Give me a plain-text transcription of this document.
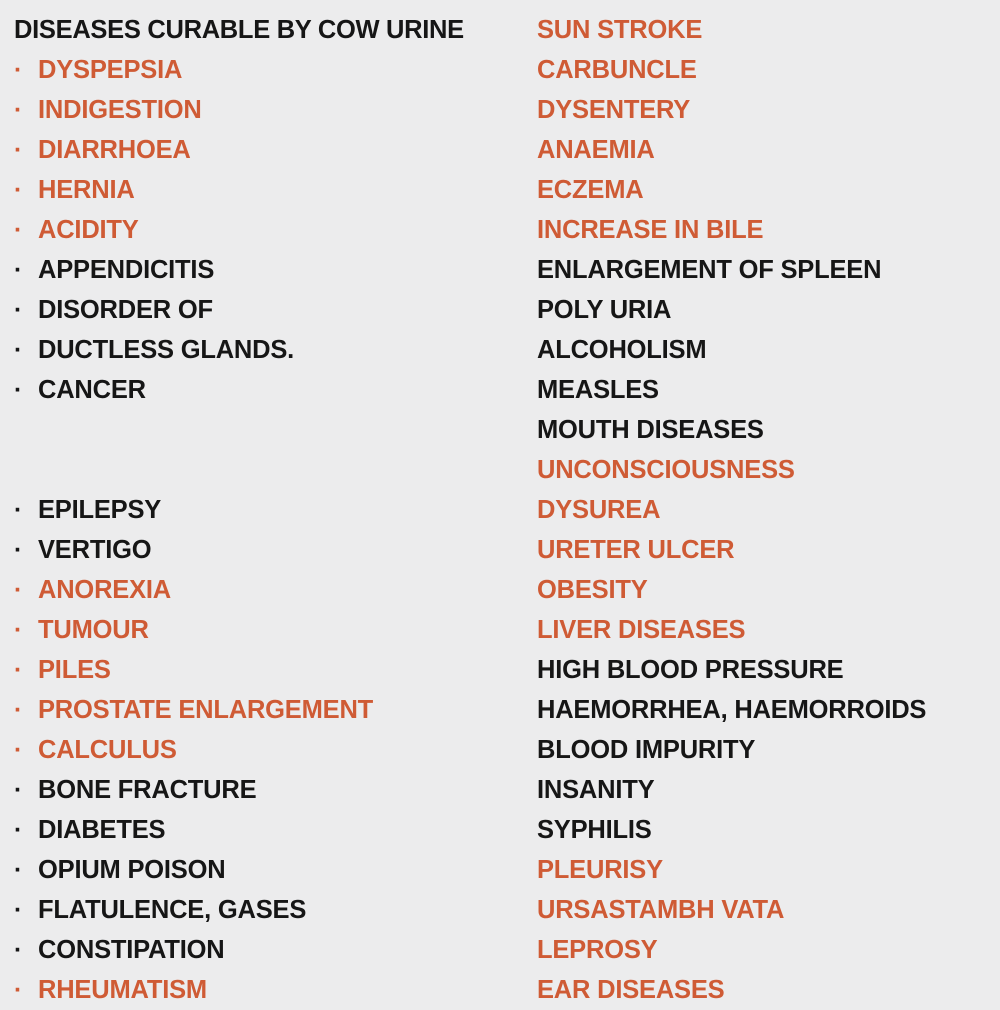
DISEASES CURABLE BY COW URINE
· DYSPEPSIA
· INDIGESTION
· DIARRHOEA
· HERNIA
· ACIDITY
· APPENDICITIS
· DISORDER OF
· DUCTLESS GLANDS.
· CANCER
· EPILEPSY
· VERTIGO
· ANOREXIA
· TUMOUR
· PILES
· PROSTATE ENLARGEMENT
· CALCULUS
· BONE FRACTURE
· DIABETES
· OPIUM POISON
· FLATULENCE, GASES
· CONSTIPATION
· RHEUMATISM
SUN STROKE
CARBUNCLE
DYSENTERY
ANAEMIA
ECZEMA
INCREASE IN BILE
ENLARGEMENT OF SPLEEN
POLY URIA
ALCOHOLISM
MEASLES
MOUTH DISEASES
UNCONSCIOUSNESS
DYSUREA
URETER ULCER
OBESITY
LIVER DISEASES
HIGH BLOOD PRESSURE
HAEMORRHEA, HAEMORROIDS
BLOOD IMPURITY
INSANITY
SYPHILIS
PLEURISY
URSASTAMBH VATA
LEPROSY
EAR DISEASES
